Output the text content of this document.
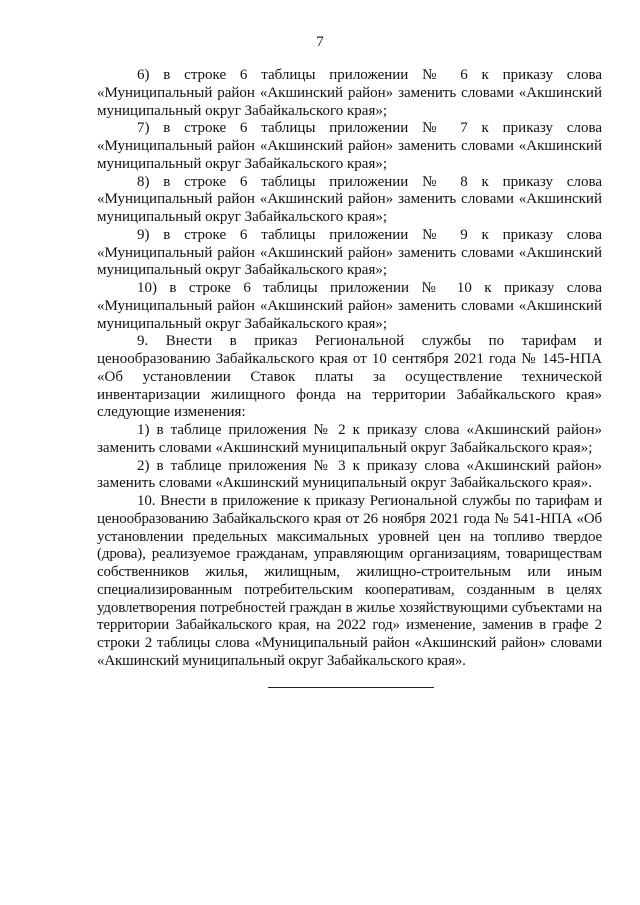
7

6) в строке 6 таблицы приложении № 6 к приказу слова «Муниципальный район «Акшинский район» заменить словами «Акшинский муниципальный округ Забайкальского края»;

7) в строке 6 таблицы приложении № 7 к приказу слова «Муниципальный район «Акшинский район» заменить словами «Акшинский муниципальный округ Забайкальского края»;

8) в строке 6 таблицы приложении № 8 к приказу слова «Муниципальный район «Акшинский район» заменить словами «Акшинский муниципальный округ Забайкальского края»;

9) в строке 6 таблицы приложении № 9 к приказу слова «Муниципальный район «Акшинский район» заменить словами «Акшинский муниципальный округ Забайкальского края»;

10) в строке 6 таблицы приложении № 10 к приказу слова «Муниципальный район «Акшинский район» заменить словами «Акшинский муниципальный округ Забайкальского края»;

9. Внести в приказ Региональной службы по тарифам и ценообразованию Забайкальского края от 10 сентября 2021 года № 145-НПА «Об установлении Ставок платы за осуществление технической инвентаризации жилищного фонда на территории Забайкальского края» следующие изменения:

1) в таблице приложения № 2 к приказу слова «Акшинский район» заменить словами «Акшинский муниципальный округ Забайкальского края»;

2) в таблице приложения № 3 к приказу слова «Акшинский район» заменить словами «Акшинский муниципальный округ Забайкальского края».

10. Внести в приложение к приказу Региональной службы по тарифам и ценообразованию Забайкальского края от 26 ноября 2021 года № 541-НПА «Об установлении предельных максимальных уровней цен на топливо твердое (дрова), реализуемое гражданам, управляющим организациям, товариществам собственников жилья, жилищным, жилищно-строительным или иным специализированным потребительским кооперативам, созданным в целях удовлетворения потребностей граждан в жилье хозяйствующими субъектами на территории Забайкальского края, на 2022 год» изменение, заменив в графе 2 строки 2 таблицы слова «Муниципальный район «Акшинский район» словами «Акшинский муниципальный округ Забайкальского края».
